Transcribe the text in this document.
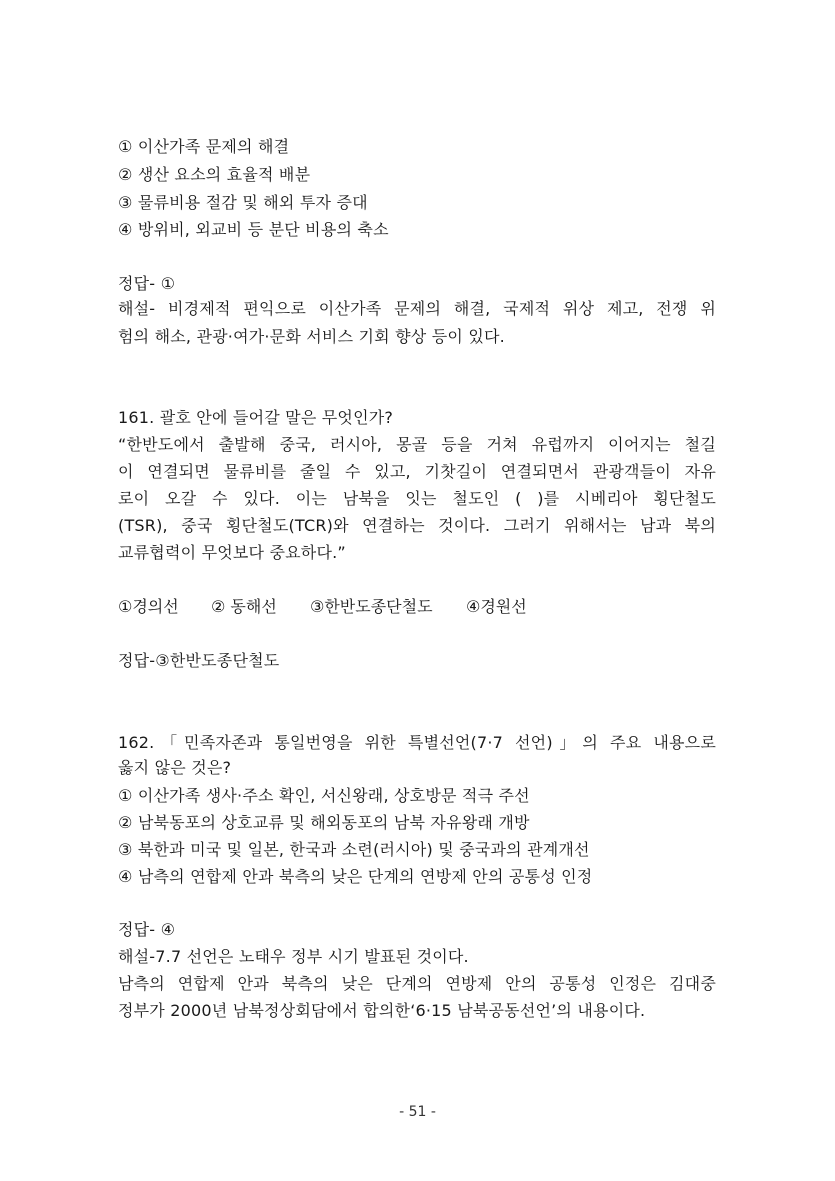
① 이산가족 문제의 해결
② 생산 요소의 효율적 배분
③ 물류비용 절감 및 해외 투자 증대
④ 방위비, 외교비 등 분단 비용의 축소
정답- ①
해설- 비경제적 편익으로 이산가족 문제의 해결, 국제적 위상 제고, 전쟁 위
험의 해소, 관광·여가·문화 서비스 기회 향상 등이 있다.
161. 괄호 안에 들어갈 말은 무엇인가?
“한반도에서 출발해 중국, 러시아, 몽골 등을 거쳐 유럽까지 이어지는 철길
이 연결되면 물류비를 줄일 수 있고, 기찻길이 연결되면서 관광객들이 자유
로이 오갈 수 있다. 이는 남북을 잇는 철도인 ( )를 시베리아 횡단철도
(TSR), 중국 횡단철도(TCR)와 연결하는 것이다. 그러기 위해서는 남과 북의
교류협력이 무엇보다 중요하다.”
①경의선 ② 동해선 ③한반도종단철도 ④경원선
정답-③한반도종단철도
162.「민족자존과 통일번영을 위한 특별선언(7·7 선언)」의 주요 내용으로
옳지 않은 것은?
① 이산가족 생사·주소 확인, 서신왕래, 상호방문 적극 주선
② 남북동포의 상호교류 및 해외동포의 남북 자유왕래 개방
③ 북한과 미국 및 일본, 한국과 소련(러시아) 및 중국과의 관계개선
④ 남측의 연합제 안과 북측의 낮은 단계의 연방제 안의 공통성 인정
정답- ④
해설-7.7 선언은 노태우 정부 시기 발표된 것이다.
남측의 연합제 안과 북측의 낮은 단계의 연방제 안의 공통성 인정은 김대중
정부가 2000년 남북정상회담에서 합의한‘6·15 남북공동선언’의 내용이다.
- 51 -
